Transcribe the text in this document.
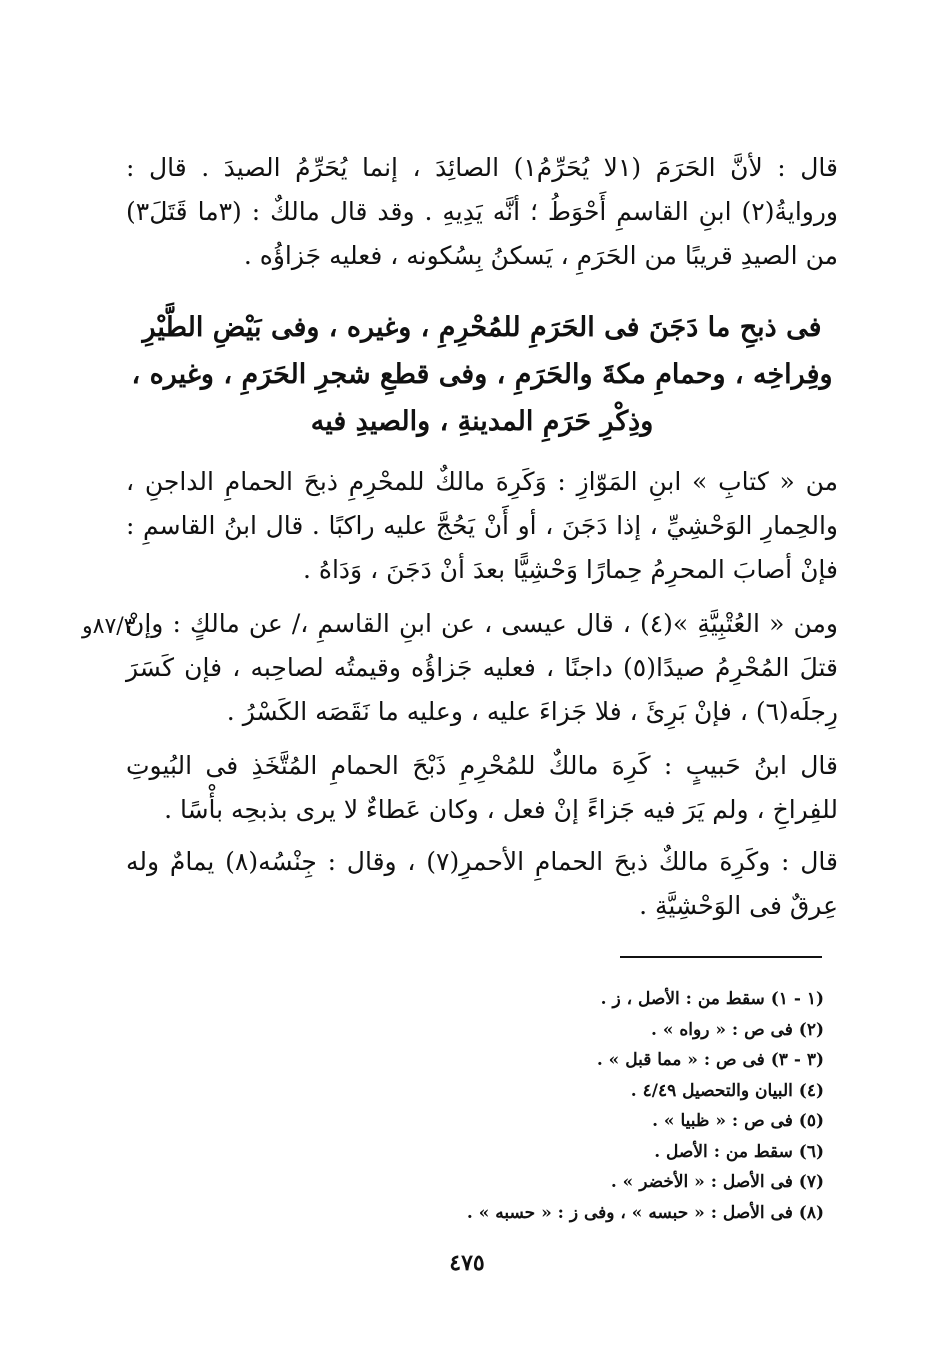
قال : لأنَّ الحَرَمَ (١لا يُحَرِّمُ١) الصائِدَ ، إنما يُحَرِّمُ الصيدَ . قال : وروايةُ(٢) ابنِ القاسمِ أَحْوَطُ ؛ أنَّه يَدِيهِ . وقد قال مالكٌ : (٣ما قَتَلَ٣) من الصيدِ قريبًا من الحَرَمِ ، يَسكنُ بِسُكونه ، فعليه جَزاؤُه .

فى ذبحِ ما دَجَنَ فى الحَرَمِ للمُحْرِمِ ، وغيره ، وفى بَيْضِ الطَّيْرِ وفِراخِه ، وحمامِ مكةَ والحَرَمِ ، وفى قطعِ شجرِ الحَرَمِ ، وغيره ، وذِكْرِ حَرَمِ المدينةِ ، والصيدِ فيه

من « كتابِ » ابنِ المَوّازِ : وَكَرِهَ مالكٌ للمحْرِمِ ذبحَ الحمامِ الداجنِ ، والحِمارِ الوَحْشِيِّ ، إذا دَجَنَ ، أو أَنْ يَحُجَّ عليه راكبًا . قال ابنُ القاسمِ : فإنْ أصابَ المحرِمُ حِمارًا وَحْشِيًّا بعدَ أنْ دَجَنَ ، وَدَاهُ .

ومن « العُتْبِيَّةِ »(٤) ، قال عيسى ، عن ابنِ القاسمِ ،/ عن مالكٍ : وإنْ قتلَ المُحْرِمُ صيدًا(٥) داجنًا ، فعليه جَزاؤُه وقيمتُه لصاحِبه ، فإن كَسَرَ رِجلَه(٦) ، فإنْ بَرِئَ ، فلا جَزاءَ عليه ، وعليه ما نَقَصَه الكَسْرُ .

٨٧/٣و

قال ابنُ حَبيبٍ : كَرِهَ مالكٌ للمُحْرِمِ ذَبْحَ الحمامِ المُتَّخَذِ فى البُيوتِ للفِراخِ ، ولم يَرَ فيه جَزاءً إنْ فعل ، وكان عَطاءٌ لا يرى بذبحِه بأْسًا .

قال : وكَرِهَ مالكٌ ذبحَ الحمامِ الأحمرِ(٧) ، وقال : جِنْسُه(٨) يمامٌ وله عِرقٌ فى الوَحْشِيَّةِ .

(١ - ١) سقط من : الأصل ، ز .
(٢) فى ص : « رواه » .
(٣ - ٣) فى ص : « مما قبل » .
(٤) البيان والتحصيل ٤/٤٩ .
(٥) فى ص : « ظبيا » .
(٦) سقط من : الأصل .
(٧) فى الأصل : « الأخضر » .
(٨) فى الأصل : « حبسه » ، وفى ز : « حسبه » .
٤٧٥
